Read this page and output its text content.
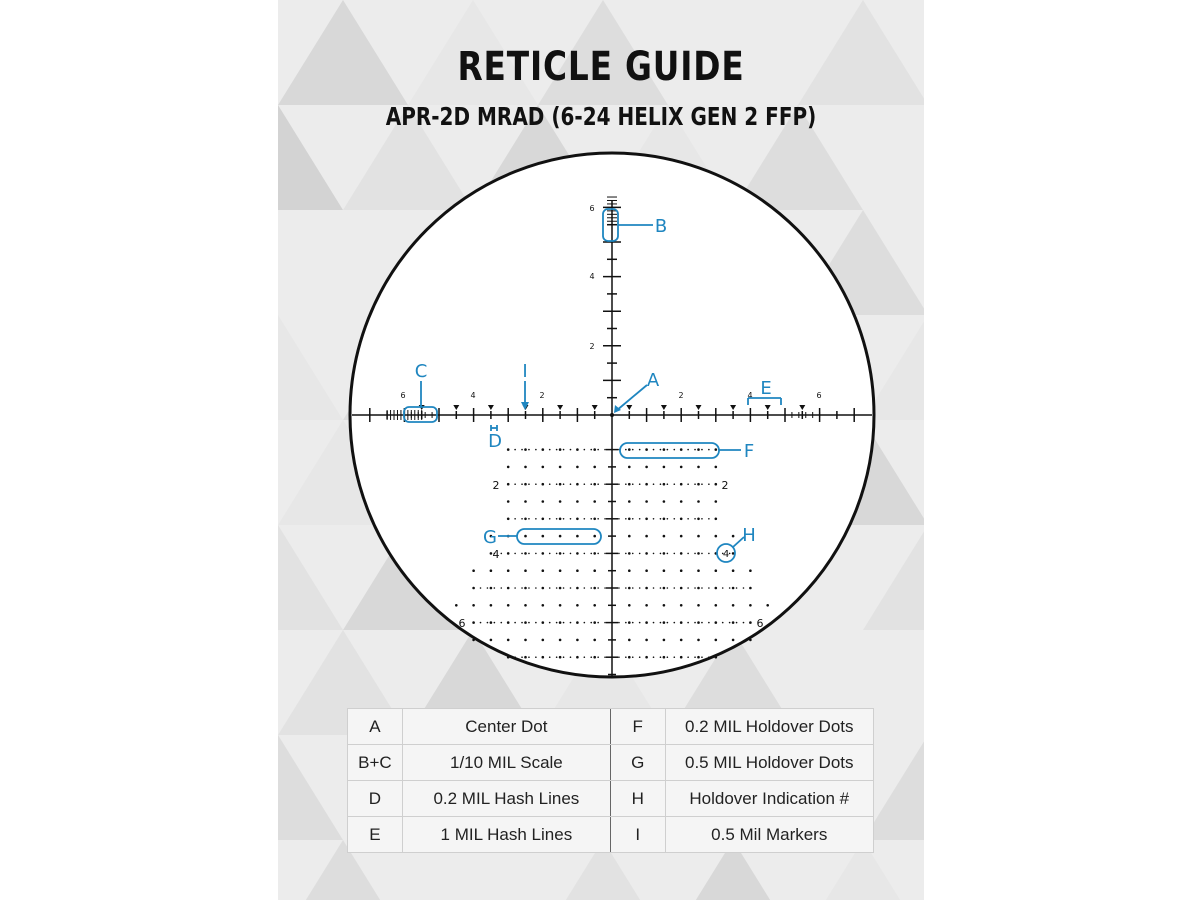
RETICLE GUIDE
APR-2D MRAD (6-24 HELIX GEN 2 FFP)
6
4
2
6	4	2	2	4	6
2	2
4
6	6
A
B
C
D
E
F
G	H
I
4
A	Center Dot	F	0.2 MIL Holdover Dots
B+C	1/10 MIL Scale	G	0.5 MIL Holdover Dots
D	0.2 MIL Hash Lines	H	Holdover Indication #
E	1 MIL Hash Lines	I	0.5 Mil Markers
